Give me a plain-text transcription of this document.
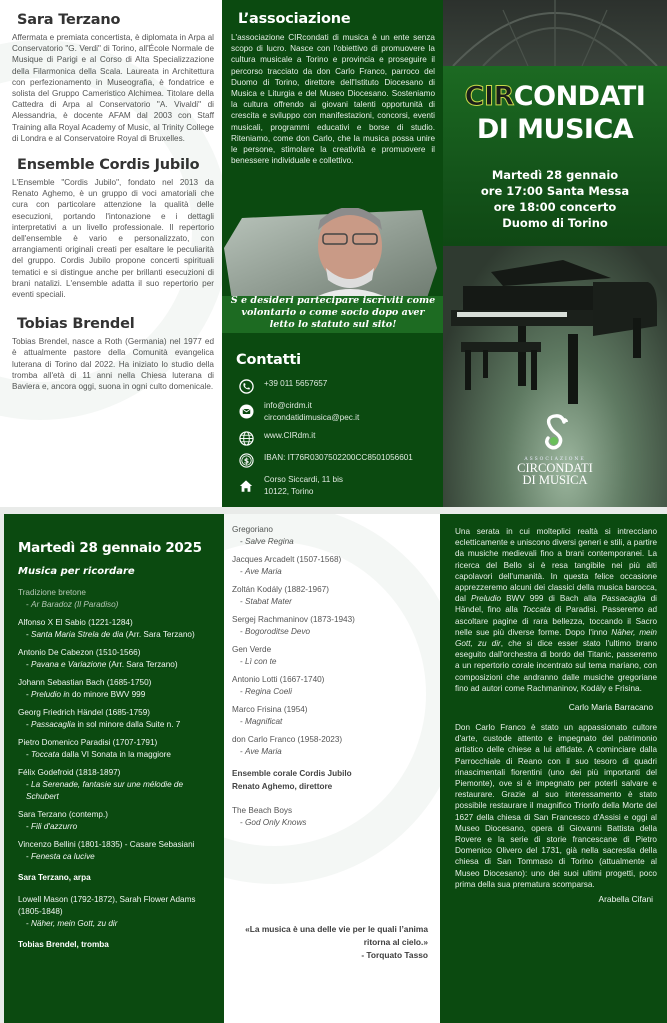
Sara Terzano

Affermata e premiata concertista, è diplomata in Arpa al Conservatorio "G. Verdi" di Torino, all'École Normale de Musique di Parigi e al Corso di Alta Specializzazione della Filarmonica della Scala. Laureata in Architettura con perfezionamento in Museografia, è fondatrice e solista del Gruppo Cameristico Alchimea. Titolare della Cattedra di Arpa al Conservatorio "A. Vivaldi" di Alessandria, è docente AFAM dal 2003 con Staff Training alla Royal Academy of Music, al Trinity College di Londra e al Conservatoire Royal di Bruxelles.

Ensemble Cordis Jubilo

L'Ensemble "Cordis Jubilo", fondato nel 2013 da Renato Aghemo, è un gruppo di voci amatoriali che cura con particolare attenzione la qualità delle esecuzioni, portando l'intonazione e i dettagli interpretativi a un livello professionale. Il repertorio dell'ensemble è vario e personalizzato, con arrangiamenti originali creati per esaltare le peculiarità del gruppo. Cordis Jubilo propone concerti spirituali tematici e si distingue anche per brillanti esecuzioni di brani natalizi. L'ensemble adatta il suo repertorio per eventi speciali.

Tobias Brendel

Tobias Brendel, nasce a Roth (Germania) nel 1977 ed è attualmente pastore della Comunità evangelica luterana di Torino dal 2022. Ha iniziato lo studio della tromba all'età di 11 anni nella Chiesa luterana di Baviera e, ancora oggi, suona in ogni culto domenicale.

L’associazione

L'associazione CIRcondati di musica è un ente senza scopo di lucro. Nasce con l'obiettivo di promuovere la cultura musicale a Torino e provincia e proseguire il percorso tracciato da don Carlo Franco, parroco del Duomo di Torino, direttore dell'Istituto Diocesano di Musica e Liturgia e del Museo Diocesano. Sosteniamo la cultura offrendo ai giovani talenti opportunità di crescita e sviluppo con manifestazioni, concorsi, eventi musicali, programmi educativi e borse di studio. Riteniamo, come don Carlo, che la musica possa unire le persone, stimolare la creatività e promuovere il benessere individuale e collettivo.

S e desideri partecipare iscriviti come volontario o come socio dopo aver letto lo statuto sul sito!

Contatti
+39 011 5657657
info@cirdm.it
circondatidimusica@pec.it
www.CIRdm.it
$ IBAN: IT76R0307502200CC8501056601
Corso Siccardi, 11 bis
10122, Torino
CIRCONDATI
DI MUSICA
Martedì 28 gennaio
ore 17:00 Santa Messa
ore 18:00 concerto
Duomo di Torino
ASSOCIAZIONE
CIRCONDATI
DI MUSICA
Martedì 28 gennaio 2025
Musica per ricordare
Tradizione bretone
- Ar Baradoz (Il Paradiso)
Alfonso X El Sabio (1221-1284)
- Santa Maria Strela de dia (Arr. Sara Terzano)
Antonio De Cabezon (1510-1566)
- Pavana e Variazione (Arr. Sara Terzano)
Johann Sebastian Bach (1685-1750)
- Preludio in do minore BWV 999
Georg Friedrich Händel (1685-1759)
- Passacaglia in sol minore dalla Suite n. 7
Pietro Domenico Paradisi (1707-1791)
- Toccata dalla VI Sonata in la maggiore
Félix Godefroid (1818-1897)
- La Serenade, fantasie sur une mélodie de Schubert
Sara Terzano (contemp.)
- Fili d'azzurro
Vincenzo Bellini (1801-1835) - Casare Sebasiani
- Fenesta ca lucive
Sara Terzano, arpa
Lowell Mason (1792-1872), Sarah Flower Adams (1805-1848)
- Näher, mein Gott, zu dir
Tobias Brendel, tromba
Gregoriano
- Salve Regina
Jacques Arcadelt (1507-1568)
- Ave Maria
Zoltán Kodály (1882-1967)
- Stabat Mater
Sergej Rachmaninov (1873-1943)
- Bogoroditse Devo
Gen Verde
- Lì con te
Antonio Lotti (1667-1740)
- Regina Coeli
Marco Frisina (1954)
- Magnificat
don Carlo Franco (1958-2023)
- Ave Maria
Ensemble corale Cordis Jubilo
Renato Aghemo, direttore
The Beach Boys
- God Only Knows
«La musica è una delle vie per le quali l’anima ritorna al cielo.»
- Torquato Tasso

Una serata in cui molteplici realtà si intrecciano ecletticamente e uniscono diversi generi e stili, a partire da musiche medievali fino a brani contemporanei. La ricerca del Bello si è resa tangibile nei più alti capolavori dell'umanità. In questa felice occasione apprezzeremo alcuni dei classici della musica barocca, dal Preludio BWV 999 di Bach alla Passacaglia di Händel, fino alla Toccata di Paradisi. Passeremo ad ascoltare pagine di rara bellezza, toccando il Sacro nelle sue più diverse forme. Dopo l'inno Näher, mein Gott, zu dir, che si dice esser stato l'ultimo brano eseguito dall'orchestra di bordo del Titanic, passeremo a un repertorio corale incentrato sul tema mariano, con composizioni che andranno dalle musiche gregoriane fino ad autori come Rachmaninov, Kodály e Frisina.

Carlo Maria Barracano

Don Carlo Franco è stato un appassionato cultore d'arte, custode attento e impegnato del patrimonio artistico delle chiese a lui affidate. A cominciare dalla Parrocchiale di Reano con il suo tesoro di quadri rinascimentali fiorentini (uno dei più importanti del Piemonte), ove si è impegnato per poterli salvare e restaurare. Grazie al suo interessamento è stato possibile restaurare il magnifico Trionfo della Morte del 1627 della chiesa di San Francesco d'Assisi e oggi al Museo Diocesano, opera di Giovanni Battista della Rovere e la serie di storie francescane di Pietro Domenico Olivero del 1731, già nella sacrestia della chiesa di San Tommaso di Torino (attualmente al Museo Diocesano): uno dei suoi ultimi progetti, poco prima della sua prematura scomparsa.

Arabella Cifani
